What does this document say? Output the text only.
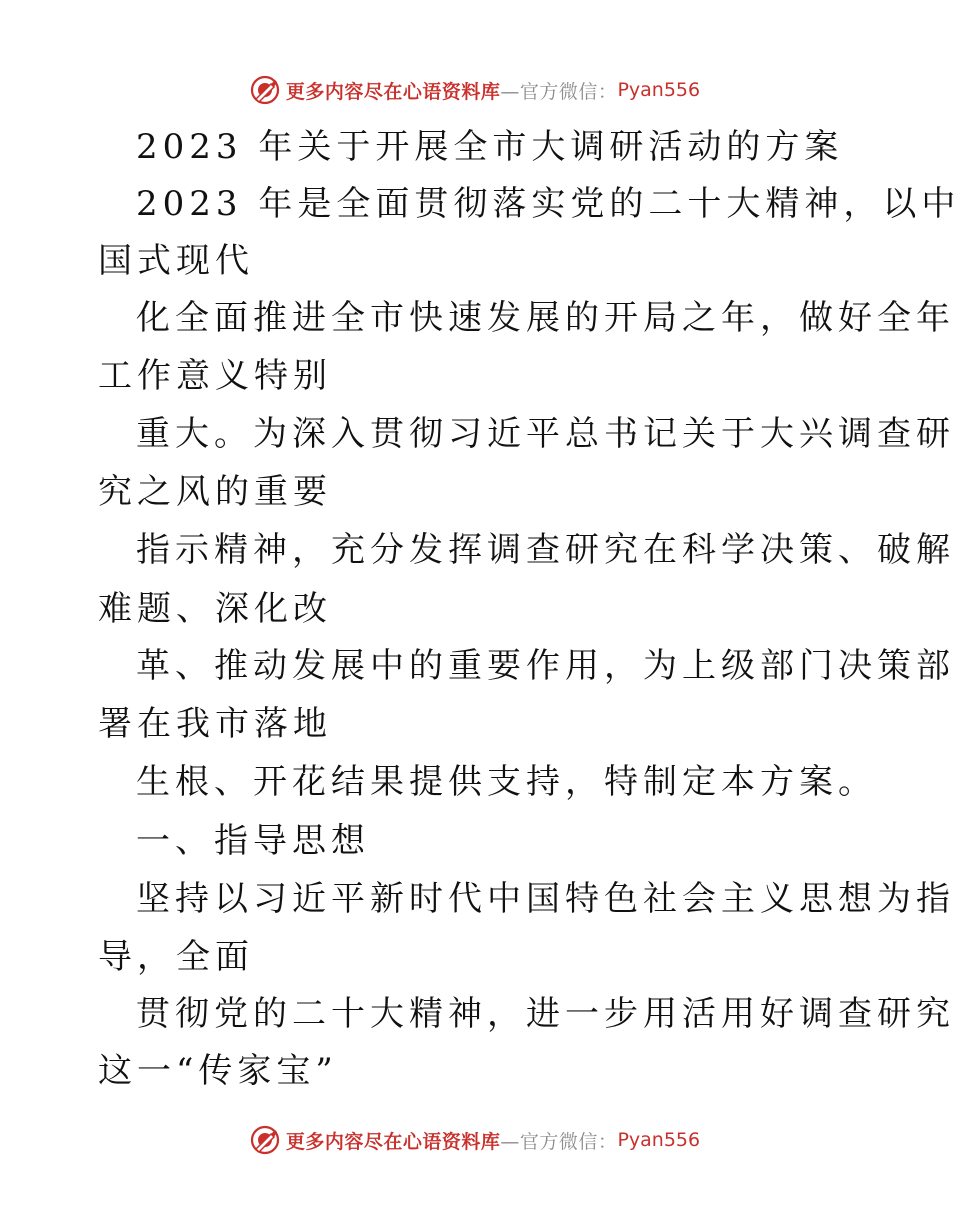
更多内容尽在心语资料库 —官方微信： Pyan556
2023 年关于开展全市大调研活动的方案
2023 年是全面贯彻落实党的二十大精神，以中
国式现代
化全面推进全市快速发展的开局之年，做好全年
工作意义特别
重大。为深入贯彻习近平总书记关于大兴调查研
究之风的重要
指示精神，充分发挥调查研究在科学决策、破解
难题、深化改
革、推动发展中的重要作用，为上级部门决策部
署在我市落地
生根、开花结果提供支持，特制定本方案。
一、指导思想
坚持以习近平新时代中国特色社会主义思想为指
导，全面
贯彻党的二十大精神，进一步用活用好调查研究
这一“传家宝”
更多内容尽在心语资料库 —官方微信： Pyan556
